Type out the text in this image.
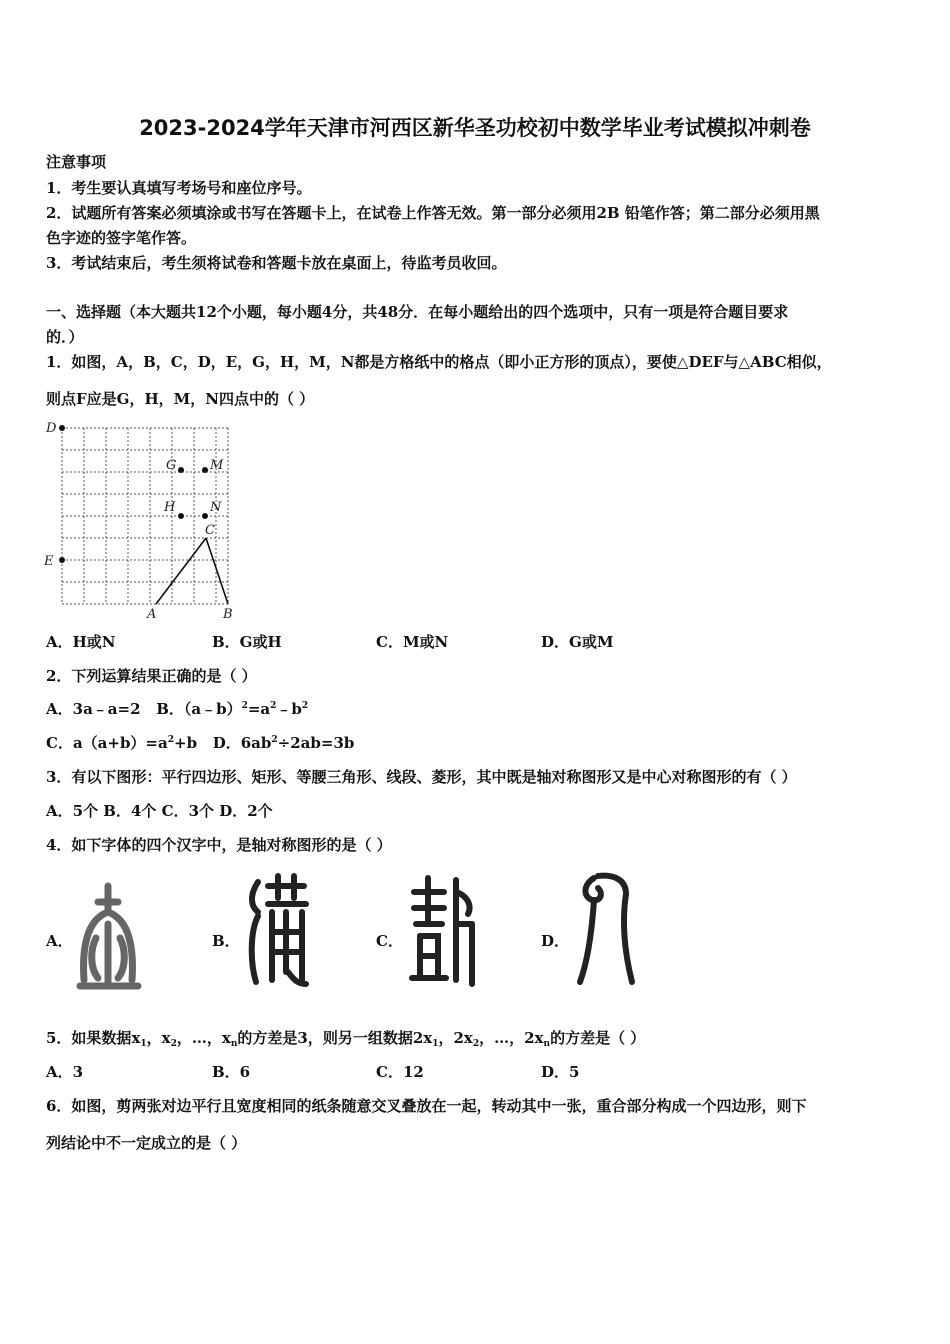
2023-2024学年天津市河西区新华圣功校初中数学毕业考试模拟冲刺卷
注意事项
1．考生要认真填写考场号和座位序号。
2．试题所有答案必须填涂或书写在答题卡上，在试卷上作答无效。第一部分必须用2B 铅笔作答；第二部分必须用黑
色字迹的签字笔作答。
3．考试结束后，考生须将试卷和答题卡放在桌面上，待监考员收回。
一、选择题（本大题共12个小题，每小题4分，共48分．在每小题给出的四个选项中，只有一项是符合题目要求
的．）
1．如图，A，B，C，D，E，G，H，M，N都是方格纸中的格点（即小正方形的顶点），要使△DEF与△ABC相似，
则点F应是G，H，M，N四点中的（ ）
D
G	M
H	N
C
E
A	B
A．H或N	B．G或H	C．M或N	D．G或M
2．下列运算结果正确的是（ ）
A．3a﹣a=2 B．$(a﹣b)^2=a^2﹣b^2$
C．$a(a+b)=a^2+b$ D．$6ab^2\div 2ab=3b$
3．有以下图形：平行四边形、矩形、等腰三角形、线段、菱形，其中既是轴对称图形又是中心对称图形的有（ ）
A．5个 B．4个 C．3个 D．2个
4．如下字体的四个汉字中，是轴对称图形的是（ ）
A．	B．	C．	D．
5．如果数据$x_1$，$x_2$，…，$x_n$的方差是3，则另一组数据$2x_1$，$2x_2$，…，$2x_n$的方差是（ ）
A．3	B．6	C．12	D．5
6．如图，剪两张对边平行且宽度相同的纸条随意交叉叠放在一起，转动其中一张，重合部分构成一个四边形，则下
列结论中不一定成立的是（ ）
